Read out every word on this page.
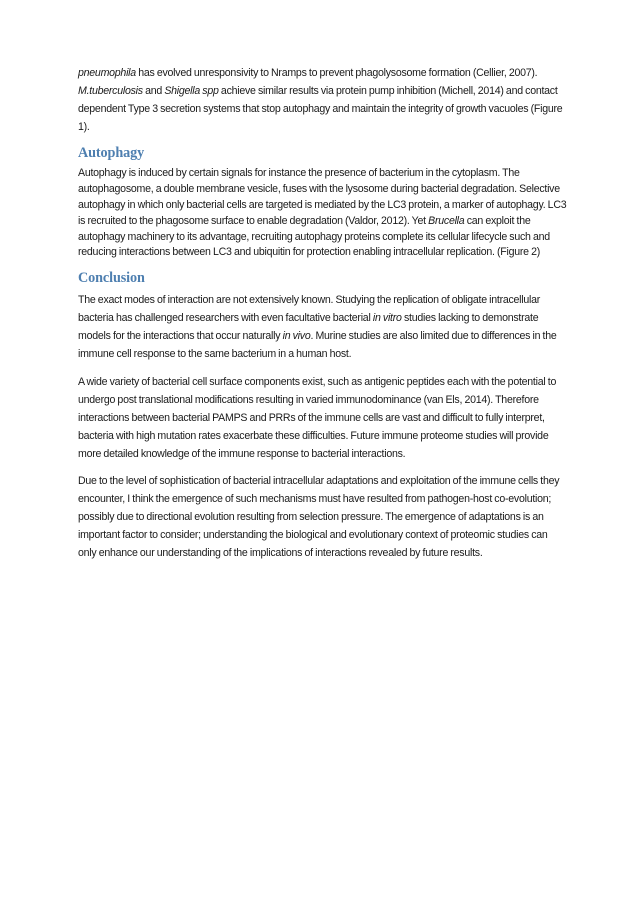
pneumophila has evolved unresponsivity to Nramps to prevent phagolysosome formation (Cellier, 2007).

M.tuberculosis and Shigella spp achieve similar results via protein pump inhibition (Michell, 2014) and contact dependent Type 3 secretion systems that stop autophagy and maintain the integrity of growth vacuoles (Figure 1).

Autophagy

Autophagy is induced by certain signals for instance the presence of bacterium in the cytoplasm. The autophagosome, a double membrane vesicle, fuses with the lysosome during bacterial degradation. Selective autophagy in which only bacterial cells are targeted is mediated by the LC3 protein, a marker of autophagy. LC3 is recruited to the phagosome surface to enable degradation (Valdor, 2012). Yet Brucella can exploit the autophagy machinery to its advantage, recruiting autophagy proteins complete its cellular lifecycle such and reducing interactions between LC3 and ubiquitin for protection enabling intracellular replication. (Figure 2)

Conclusion

The exact modes of interaction are not extensively known. Studying the replication of obligate intracellular bacteria has challenged researchers with even facultative bacterial in vitro studies lacking to demonstrate models for the interactions that occur naturally in vivo. Murine studies are also limited due to differences in the immune cell response to the same bacterium in a human host.

A wide variety of bacterial cell surface components exist, such as antigenic peptides each with the potential to undergo post translational modifications resulting in varied immunodominance (van Els, 2014). Therefore interactions between bacterial PAMPS and PRRs of the immune cells are vast and difficult to fully interpret, bacteria with high mutation rates exacerbate these difficulties. Future immune proteome studies will provide more detailed knowledge of the immune response to bacterial interactions.

Due to the level of sophistication of bacterial intracellular adaptations and exploitation of the immune cells they encounter, I think the emergence of such mechanisms must have resulted from pathogen-host co-evolution; possibly due to directional evolution resulting from selection pressure. The emergence of adaptations is an important factor to consider; understanding the biological and evolutionary context of proteomic studies can only enhance our understanding of the implications of interactions revealed by future results.
